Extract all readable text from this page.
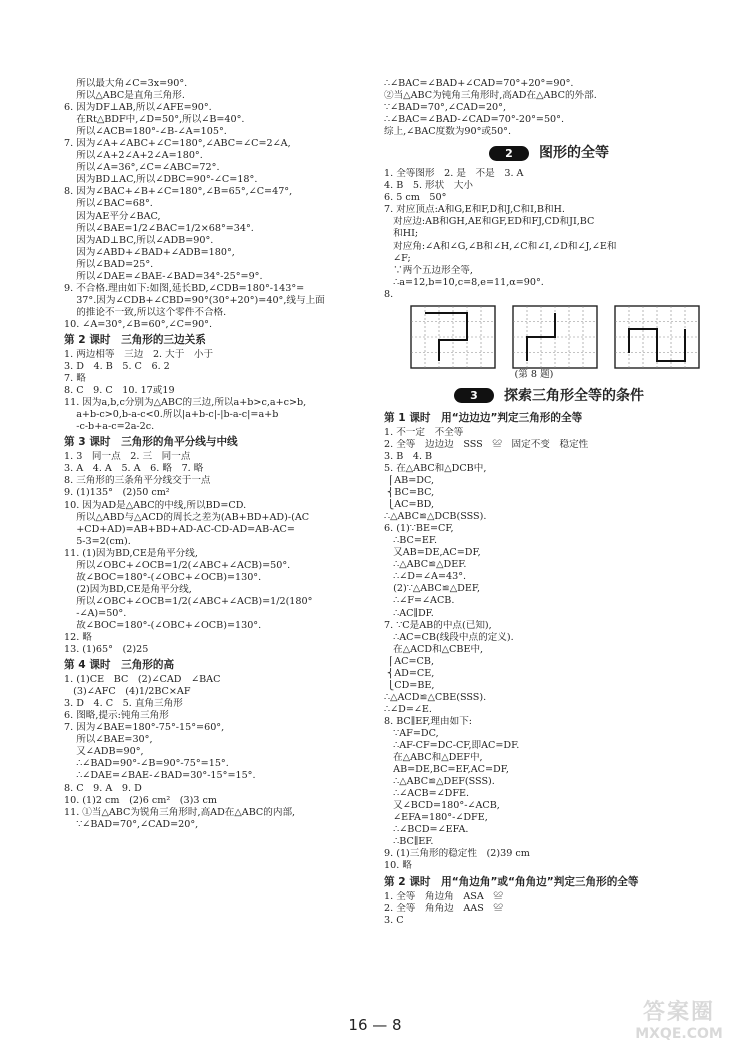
所以最大角∠C=3x=90°.
所以△ABC是直角三角形.
6. 因为DF⊥AB,所以∠AFE=90°.
在Rt△BDF中,∠D=50°,所以∠B=40°.
所以∠ACB=180°-∠B-∠A=105°.
7. 因为∠A+∠ABC+∠C=180°,∠ABC=∠C=2∠A,
所以∠A+2∠A+2∠A=180°.
所以∠A=36°,∠C=∠ABC=72°.
因为BD⊥AC,所以∠DBC=90°-∠C=18°.
8. 因为∠BAC+∠B+∠C=180°,∠B=65°,∠C=47°,
所以∠BAC=68°.
因为AE平分∠BAC,
所以∠BAE=1/2∠BAC=1/2×68°=34°.
因为AD⊥BC,所以∠ADB=90°.
因为∠ABD+∠BAD+∠ADB=180°,
所以∠BAD=25°.
所以∠DAE=∠BAE-∠BAD=34°-25°=9°.
9. 不合格.理由如下:如图,延长BD,∠CDB=180°-143°=
37°.因为∠CDB+∠CBD=90°(30°+20°)=40°,线与上面
的推论不一致,所以这个零件不合格.
10. ∠A=30°,∠B=60°,∠C=90°.
第 2 课时　三角形的三边关系
1. 两边相等　三边　2. 大于　小于
3. D　4. B　5. C　6. 2
7. 略
8. C　9. C　10. 17或19
11. 因为a,b,c分别为△ABC的三边,所以a+b>c,a+c>b,
a+b-c>0,b-a-c<0.所以|a+b-c|-|b-a-c|=a+b
-c-b+a-c=2a-2c.
第 3 课时　三角形的角平分线与中线
1. 3　同一点　2. 三　同一点
3. A　4. A　5. A　6. 略　7. 略
8. 三角形的三条角平分线交于一点
9. (1)135°　(2)50 cm²
10. 因为AD是△ABC的中线,所以BD=CD.
所以△ABD与△ACD的周长之差为(AB+BD+AD)-(AC
+CD+AD)=AB+BD+AD-AC-CD-AD=AB-AC=
5-3=2(cm).
11. (1)因为BD,CE是角平分线,
所以∠OBC+∠OCB=1/2(∠ABC+∠ACB)=50°.
故∠BOC=180°-(∠OBC+∠OCB)=130°.
(2)因为BD,CE是角平分线,
所以∠OBC+∠OCB=1/2(∠ABC+∠ACB)=1/2(180°
-∠A)=50°.
故∠BOC=180°-(∠OBC+∠OCB)=130°.
12. 略
13. (1)65°　(2)25
第 4 课时　三角形的高
1. (1)CE　BC　(2)∠CAD　∠BAC
(3)∠AFC　(4)1/2BC×AF
3. D　4. C　5. 直角三角形
6. 图略,提示:钝角三角形
7. 因为∠BAE=180°-75°-15°=60°,
所以∠BAE=30°,
又∠ADB=90°,
∴∠BAD=90°-∠B=90°-75°=15°.
∴∠DAE=∠BAE-∠BAD=30°-15°=15°.
8. C　9. A　9. D
10. (1)2 cm　(2)6 cm²　(3)3 cm
11. ①当△ABC为锐角三角形时,高AD在△ABC的内部,
∵∠BAD=70°,∠CAD=20°,
∴∠BAC=∠BAD+∠CAD=70°+20°=90°.
②当△ABC为钝角三角形时,高AD在△ABC的外部.
∵∠BAD=70°,∠CAD=20°,
∴∠BAC=∠BAD-∠CAD=70°-20°=50°.
综上,∠BAC度数为90°或50°.
2	图形的全等
1. 全等图形　2. 是　不是　3. A
4. B　5. 形状　大小
6. 5 cm　50°
7. 对应顶点:A和G,E和F,D和J,C和I,B和H.
对应边:AB和GH,AE和GF,ED和FJ,CD和JI,BC
和HI;
对应角:∠A和∠G,∠B和∠H,∠C和∠I,∠D和∠J,∠E和
∠F;
∵两个五边形全等,
∴a=12,b=10,c=8,e=11,α=90°.
8.
(第 8 题)
3	探索三角形全等的条件
第 1 课时　用“边边边”判定三角形的全等
1. 不一定　不全等
2. 全等　边边边　SSS　≌　固定不变　稳定性
3. B　4. B
5. 在△ABC和△DCB中,
⎧AB=DC,
⎨BC=BC,
⎩AC=BD,
∴△ABC≌△DCB(SSS).
6. (1)∵BE=CF,
∴BC=EF.
又AB=DE,AC=DF,
∴△ABC≌△DEF.
∴∠D=∠A=43°.
(2)∵△ABC≌△DEF,
∴∠F=∠ACB.
∴AC∥DF.
7. ∵C是AB的中点(已知),
∴AC=CB(线段中点的定义).
在△ACD和△CBE中,
⎧AC=CB,
⎨AD=CE,
⎩CD=BE,
∴△ACD≌△CBE(SSS).
∴∠D=∠E.
8. BC∥EF,理由如下:
∵AF=DC,
∴AF-CF=DC-CF,即AC=DF.
在△ABC和△DEF中,
AB=DE,BC=EF,AC=DF,
∴△ABC≌△DEF(SSS).
∴∠ACB=∠DFE.
又∠BCD=180°-∠ACB,
∠EFA=180°-∠DFE,
∴∠BCD=∠EFA.
∴BC∥EF.
9. (1)三角形的稳定性　(2)39 cm
10. 略
第 2 课时　用“角边角”或“角角边”判定三角形的全等
1. 全等　角边角　ASA　≌
2. 全等　角角边　AAS　≌
3. C
16 — 8	答案圈
MXQE.COM
